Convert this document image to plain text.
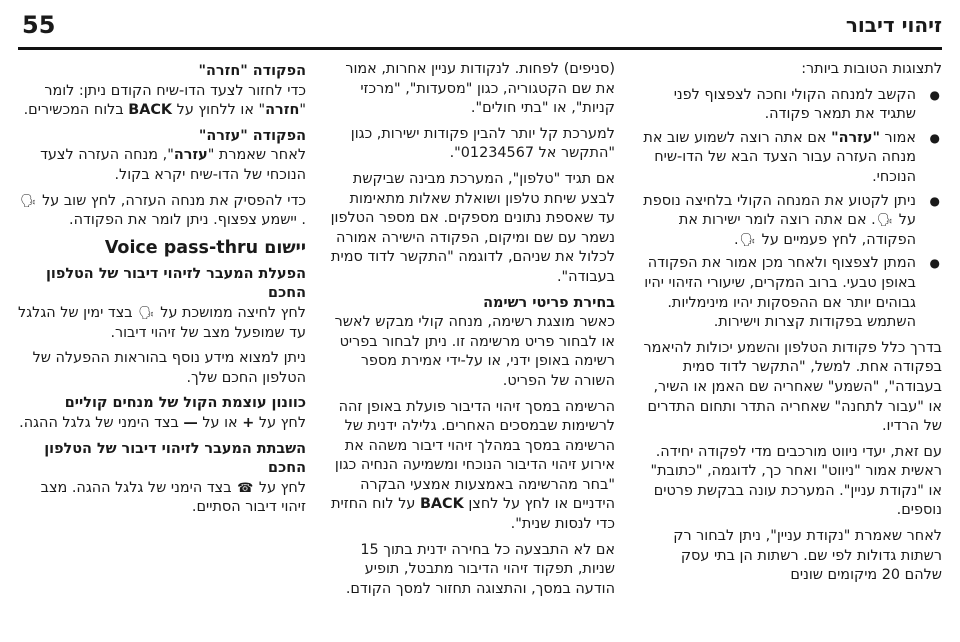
55	זיהוי דיבור

לתצוגות הטובות ביותר:

● הקשב למנחה הקולי וחכה לצפצוף לפני שתגיד את תמאר פקודה.
● אמור "עזרה" אם אתה רוצה לשמוע שוב את מנחה העזרה עבור הצעד הבא של הדו-שיח הנוכחי.
● ניתן לקטוע את המנחה הקולי בלחיצה נוספת על 🗣. אם אתה רוצה לומר ישירות את הפקודה, לחץ פעמיים על 🗣.
● המתן לצפצוף ולאחר מכן אמור את הפקודה באופן טבעי. ברוב המקרים, שיעורי הזיהוי יהיו גבוהים יותר אם ההפסקות יהיו מינימליות. השתמש בפקודות קצרות וישירות.

בדרך כלל פקודות הטלפון והשמע יכולות להיאמר בפקודה אחת. למשל, "התקשר לדוד סמית בעבודה", "השמע" שאחריה שם האמן או השיר, או "עבור לתחנה" שאחריה התדר ותחום התדרים של הרדיו.

עם זאת, יעדי ניווט מורכבים מדי לפקודה יחידה. ראשית אמור "ניווט" ואחר כך, לדוגמה, "כתובת" או "נקודת עניין". המערכת עונה בבקשת פרטים נוספים.

לאחר שאמרת "נקודת עניין", ניתן לבחור רק רשתות גדולות לפי שם. רשתות הן בתי עסק שלהם 20 מיקומים שונים

(סניפים) לפחות. לנקודות עניין אחרות, אמור את שם הקטגוריה, כגון "מסעדות", "מרכזי קניות", או "בתי חולים".

למערכת קל יותר להבין פקודות ישירות, כגון "התקשר אל 01234567".

אם תגיד "טלפון", המערכת מבינה שביקשת לבצע שיחת טלפון ושואלת שאלות מתאימות עד שאספת נתונים מספקים. אם מספר הטלפון נשמר עם שם ומיקום, הפקודה הישירה אמורה לכלול את שניהם, לדוגמה "התקשר לדוד סמית בעבודה".

בחירת פריטי רשימה

כאשר מוצגת רשימה, מנחה קולי מבקש לאשר או לבחור פריט מרשימה זו. ניתן לבחור בפריט רשימה באופן ידני, או על-ידי אמירת מספר השורה של הפריט.

הרשימה במסך זיהוי הדיבור פועלת באופן זהה לרשימות שבמסכים האחרים. גלילה ידנית של הרשימה במסך במהלך זיהוי דיבור משהה את אירוע זיהוי הדיבור הנוכחי ומשמיעה הנחיה כגון "בחר מהרשימה באמצעות אמצעי הבקרה הידניים או לחץ על לחצן BACK על לוח החזית כדי לנסות שנית".

אם לא התבצעה כל בחירה ידנית בתוך 15 שניות, תפקוד זיהוי הדיבור מתבטל, תופיע הודעה במסך, והתצוגה תחזור למסך הקודם.

הפקודה "חזרה"

כדי לחזור לצעד הדו-שיח הקודם ניתן: לומר "חזרה" או ללחוץ על BACK בלוח המכשירים.

הפקודה "עזרה"

לאחר שאמרת "עזרה", מנחה העזרה לצעד הנוכחי של הדו-שיח יקרא בקול.

כדי להפסיק את מנחה העזרה, לחץ שוב על 🗣. יישמע צפצוף. ניתן לומר את הפקודה.

יישום Voice pass-thru
הפעלת המעבר לזיהוי דיבור של הטלפון החכם

לחץ לחיצה ממושכת על 🗣 בצד ימין של הגלגל עד שמופעל מצב של זיהוי דיבור.

ניתן למצוא מידע נוסף בהוראות ההפעלה של הטלפון החכם שלך.

כוונון עוצמת הקול של מנחים קוליים

לחץ על + או על — בצד הימני של גלגל ההגה.

השבתת המעבר לזיהוי דיבור של הטלפון החכם

לחץ על ☎ בצד הימני של גלגל ההגה. מצב זיהוי דיבור הסתיים.
